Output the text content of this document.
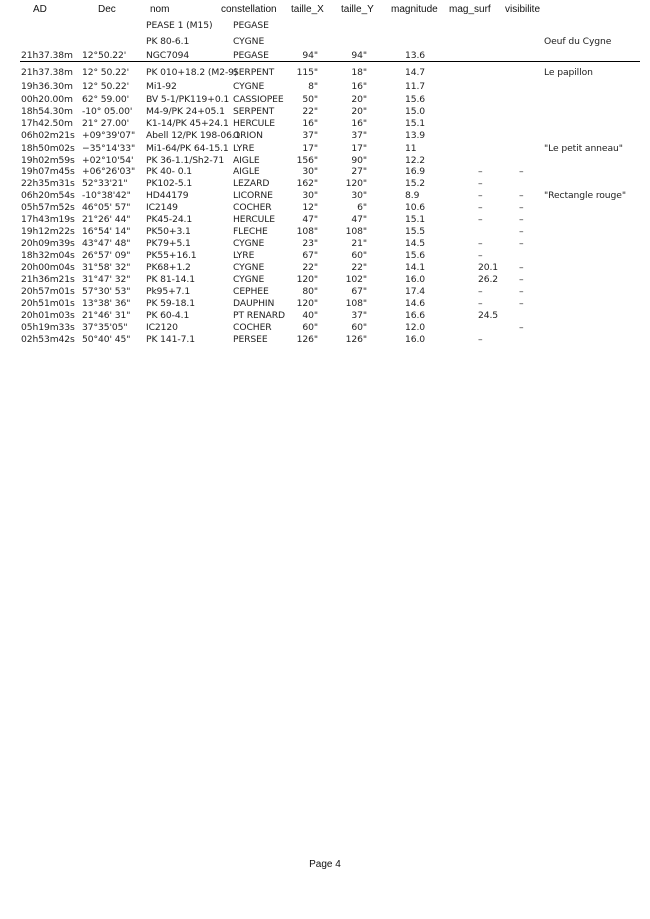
AD	Dec	nom	constellation taille_X taille_Y magnitude mag_surf visibilite
PEASE 1 (M15) PEGASE
PK 80-6.1	CYGNE	Oeuf du Cygne
21h37.38m 12°50.22' NGC7094	PEGASE	94"	94"	13.6
21h37.38m 12° 50.22' PK 010+18.2 (M2-9)
SERPENT 115"	18"	14.7	Le papillon
19h36.30m 12° 50.22' Mi1-92	CYGNE	8"	16"	11.7
00h20.00m 62° 59.00' BV 5-1/PK119+0.1 CASSIOPEE 50"	20"	15.6
18h54.30m -10° 05.00' M4-9/PK 24+05.1 SERPENT	22"	20"	15.0
17h42.50m 21° 27.00' K1-14/PK 45+24.1 HERCULE	16"	16"	15.1
06h02m21s +09°39'07" Abell 12/PK 198-06.1
ORION	37"	37"	13.9
18h50m02s −35°14'33" Mi1-64/PK 64-15.1 LYRE	17"	17"	11	"Le petit anneau"
19h02m59s +02°10'54' PK 36-1.1/Sh2-71 AIGLE	156"	90"	12.2
19h07m45s +06°26'03" PK 40- 0.1	AIGLE	30"	27"	16.9	–	–
22h35m31s 52°33'21" PK102-5.1	LEZARD	162"	120"	15.2	–
06h20m54s -10°38'42" HD44179	LICORNE	30"	30"	8.9	–	– "Rectangle rouge"
05h57m52s 46°05' 57" IC2149	COCHER	12"	6"	10.6	–	–
17h43m19s 21°26' 44" PK45-24.1	HERCULE	47"	47"	15.1	–	–
19h12m22s 16°54' 14" PK50+3.1	FLECHE	108"	108"	15.5	–
20h09m39s 43°47' 48" PK79+5.1	CYGNE	23"	21"	14.5	–	–
18h32m04s 26°57' 09" PK55+16.1	LYRE	67"	60"	15.6	–
20h00m04s 31°58' 32" PK68+1.2	CYGNE	22"	22"	14.1	20.1 –
21h36m21s 31°47' 32" PK 81-14.1	CYGNE	120"	102"	16.0	26.2 –
20h57m01s 57°30' 53" Pk95+7.1	CEPHEE	80"	67"	17.4	–	–
20h51m01s 13°38' 36" PK 59-18.1	DAUPHIN 120"	108"	14.6	–	–
20h01m03s 21°46' 31" PK 60-4.1	PT RENARD 40"	37"	16.6	24.5
05h19m33s 37°35'05" IC2120	COCHER	60"	60"	12.0	–
02h53m42s 50°40' 45" PK 141-7.1	PERSEE	126"	126"	16.0	–
Page 4
